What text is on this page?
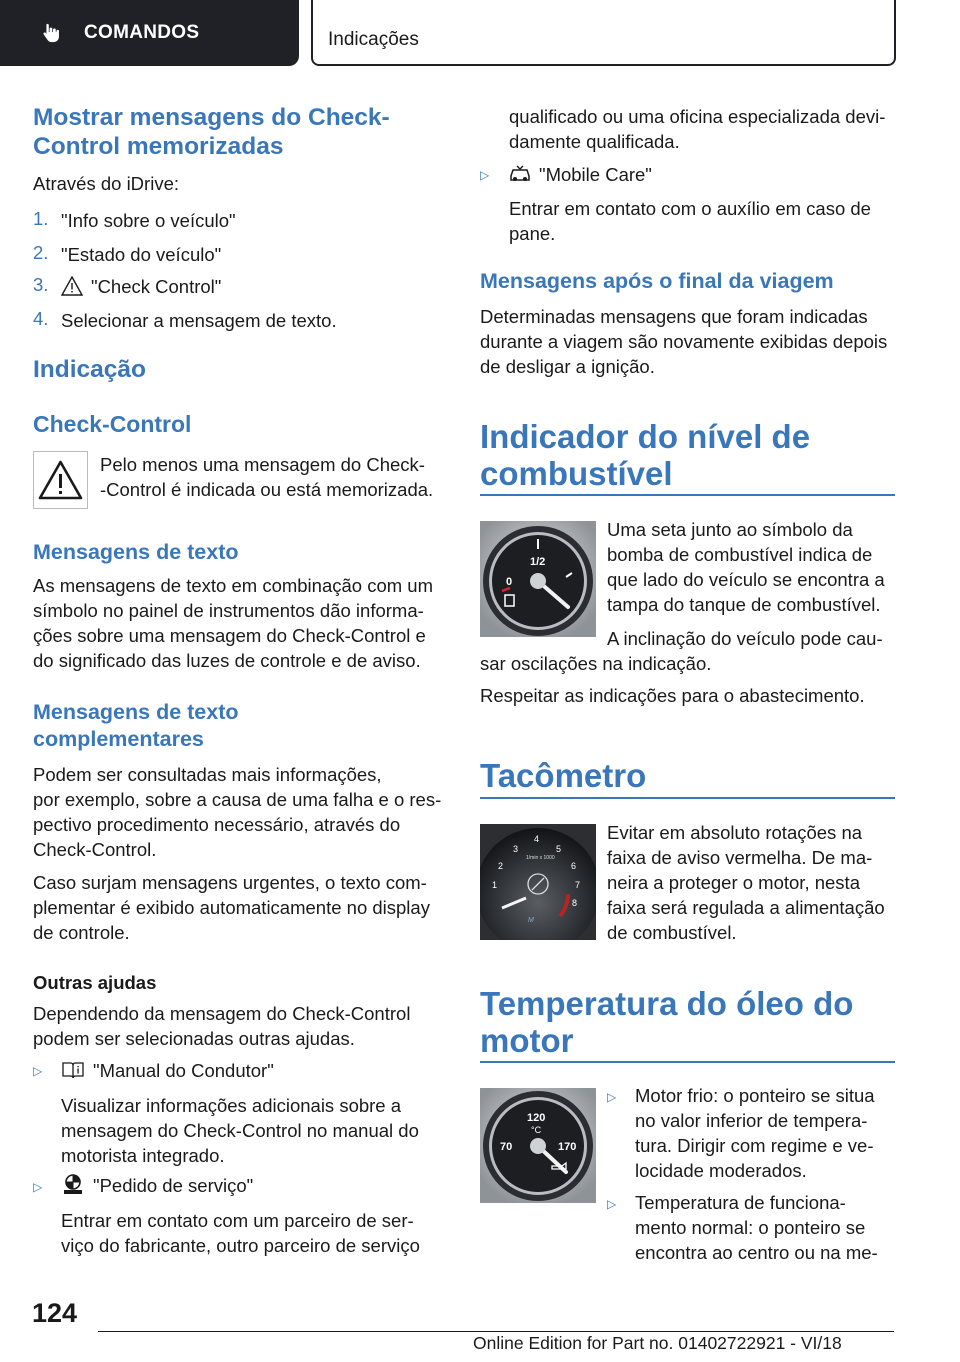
COMANDOS	Indicações
Mostrar mensagens do Check-
Control memorizadas
Através do iDrive:
1. "Info sobre o veículo"
2. "Estado do veículo"
3.	"Check Control"
4. Selecionar a mensagem de texto.
Indicação
Check-Control
Pelo menos uma mensagem do Check-
-Control é indicada ou está memorizada.
Mensagens de texto
As mensagens de texto em combinação com um
símbolo no painel de instrumentos dão informa-
ções sobre uma mensagem do Check-Control e
do significado das luzes de controle e de aviso.
Mensagens de texto
complementares
Podem ser consultadas mais informações,
por exemplo, sobre a causa de uma falha e o res-
pectivo procedimento necessário, através do
Check-Control.
Caso surjam mensagens urgentes, o texto com-
plementar é exibido automaticamente no display
de controle.
Outras ajudas
Dependendo da mensagem do Check-Control
podem ser selecionadas outras ajudas.
▷	"Manual do Condutor"
Visualizar informações adicionais sobre a
mensagem do Check-Control no manual do
motorista integrado.
▷	"Pedido de serviço"
Entrar em contato com um parceiro de ser-
viço do fabricante, outro parceiro de serviço
qualificado ou uma oficina especializada devi-
damente qualificada.
▷	"Mobile Care"
Entrar em contato com o auxílio em caso de
pane.
Mensagens após o final da viagem
Determinadas mensagens que foram indicadas
durante a viagem são novamente exibidas depois
de desligar a ignição.
Indicador do nível de
combustível
1/2
0
Uma seta junto ao símbolo da
bomba de combustível indica de
que lado do veículo se encontra a
tampa do tanque de combustível.
A inclinação do veículo pode cau-
sar oscilações na indicação.
Respeitar as indicações para o abastecimento.
Tacômetro
4
3	5
2	6
1	7
8
1/min x 1000
M
Evitar em absoluto rotações na
faixa de aviso vermelha. De ma-
neira a proteger o motor, nesta
faixa será regulada a alimentação
de combustível.
Temperatura do óleo do
motor
120
°C
70	170
▷ Motor frio: o ponteiro se situa
no valor inferior de tempera-
tura. Dirigir com regime e ve-
locidade moderados.
▷ Temperatura de funciona-
mento normal: o ponteiro se
encontra ao centro ou na me-
124
Online Edition for Part no. 01402722921 - VI/18
